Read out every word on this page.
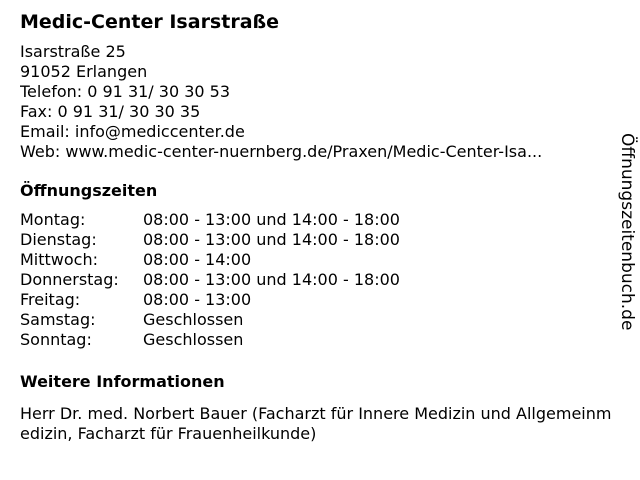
Medic-Center Isarstraße
Isarstraße 25
91052 Erlangen
Telefon: 0 91 31/ 30 30 53
Fax: 0 91 31/ 30 30 35
Email: info@mediccenter.de
Web: www.medic-center-nuernberg.de/Praxen/Medic-Center-Isa...
Öffnungszeiten
Montag:	08:00 - 13:00 und 14:00 - 18:00
Dienstag:	08:00 - 13:00 und 14:00 - 18:00
Mittwoch:	08:00 - 14:00
Donnerstag:	08:00 - 13:00 und 14:00 - 18:00
Freitag:	08:00 - 13:00
Samstag:	Geschlossen
Sonntag:	Geschlossen
Weitere Informationen
Herr Dr. med. Norbert Bauer (Facharzt für Innere Medizin und Allgemeinmedizin, Facharzt für Frauenheilkunde)
Öffnungszeitenbuch.de
